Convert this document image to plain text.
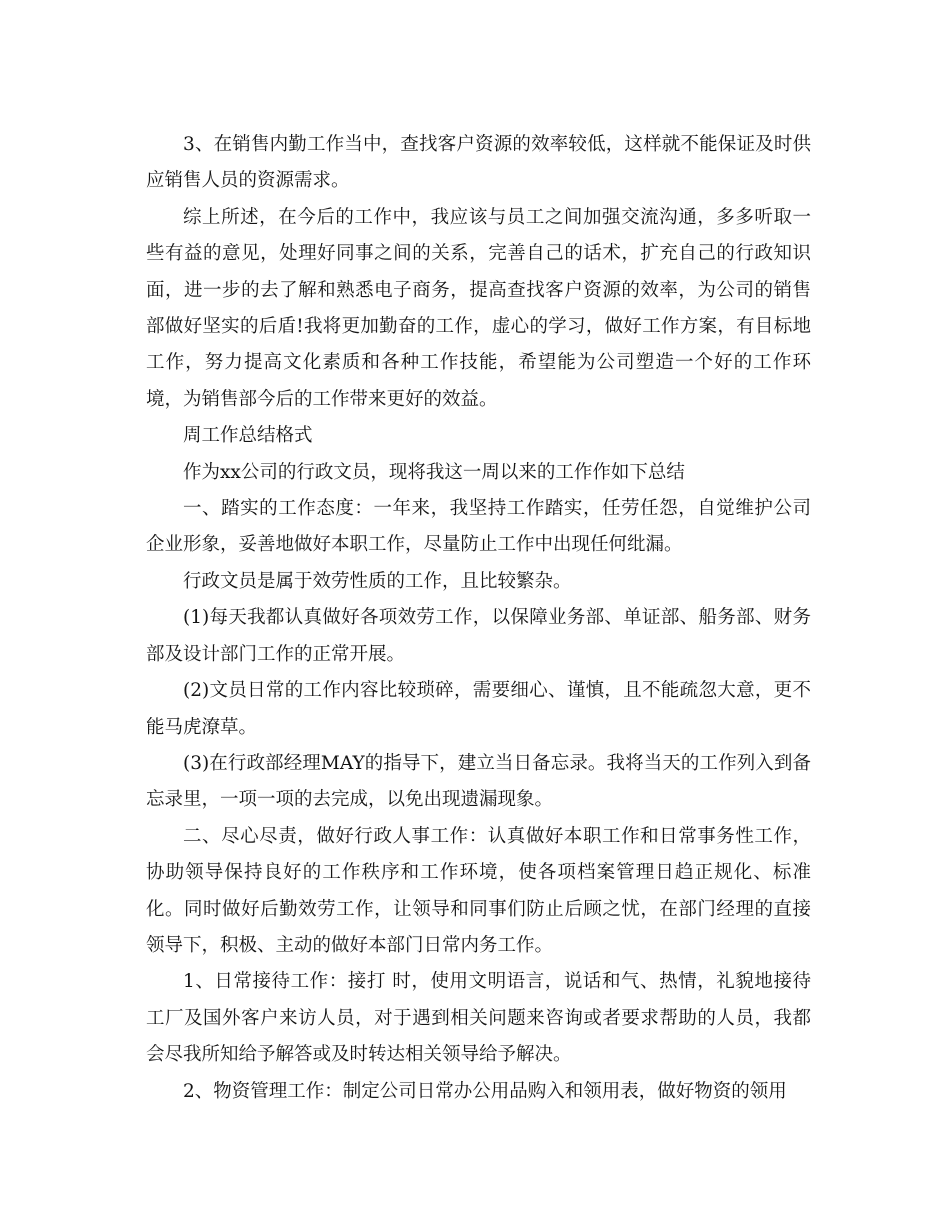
3、在销售内勤工作当中，查找客户资源的效率较低，这样就不能保证及时供应销售人员的资源需求。

综上所述，在今后的工作中，我应该与员工之间加强交流沟通，多多听取一些有益的意见，处理好同事之间的关系，完善自己的话术，扩充自己的行政知识面，进一步的去了解和熟悉电子商务，提高查找客户资源的效率，为公司的销售部做好坚实的后盾!我将更加勤奋的工作，虚心的学习，做好工作方案，有目标地工作，努力提高文化素质和各种工作技能，希望能为公司塑造一个好的工作环境，为销售部今后的工作带来更好的效益。

周工作总结格式

作为xx公司的行政文员，现将我这一周以来的工作作如下总结

一、踏实的工作态度：一年来，我坚持工作踏实，任劳任怨，自觉维护公司企业形象，妥善地做好本职工作，尽量防止工作中出现任何纰漏。

行政文员是属于效劳性质的工作，且比较繁杂。

(1)每天我都认真做好各项效劳工作，以保障业务部、单证部、船务部、财务部及设计部门工作的正常开展。

(2)文员日常的工作内容比较琐碎，需要细心、谨慎，且不能疏忽大意，更不能马虎潦草。

(3)在行政部经理MAY的指导下，建立当日备忘录。我将当天的工作列入到备忘录里，一项一项的去完成，以免出现遗漏现象。

二、尽心尽责，做好行政人事工作：认真做好本职工作和日常事务性工作，协助领导保持良好的工作秩序和工作环境，使各项档案管理日趋正规化、标准化。同时做好后勤效劳工作，让领导和同事们防止后顾之忧，在部门经理的直接领导下，积极、主动的做好本部门日常内务工作。

1、日常接待工作：接打 时，使用文明语言，说话和气、热情，礼貌地接待工厂及国外客户来访人员，对于遇到相关问题来咨询或者要求帮助的人员，我都会尽我所知给予解答或及时转达相关领导给予解决。

2、物资管理工作：制定公司日常办公用品购入和领用表，做好物资的领用
